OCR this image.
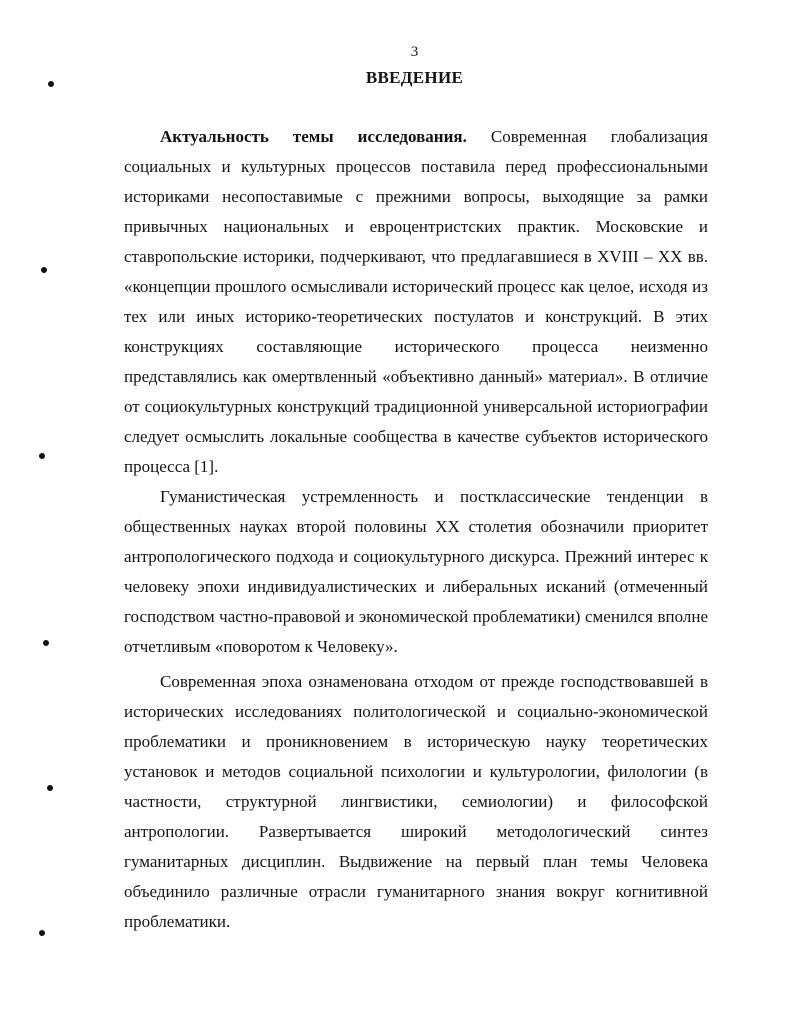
3
ВВЕДЕНИЕ

Актуальность темы исследования. Современная глобализация социальных и культурных процессов поставила перед профессиональными историками несопоставимые с прежними вопросы, выходящие за рамки привычных национальных и евроцентристских практик. Московские и ставропольские историки, подчеркивают, что предлагавшиеся в XVIII – XX вв. «концепции прошлого осмысливали исторический процесс как целое, исходя из тех или иных историко-теоретических постулатов и конструкций. В этих конструкциях составляющие исторического процесса неизменно представлялись как омертвленный «объективно данный» материал». В отличие от социокультурных конструкций традиционной универсальной историографии следует осмыслить локальные сообщества в качестве субъектов исторического процесса [1].

Гуманистическая устремленность и постклассические тенденции в общественных науках второй половины XX столетия обозначили приоритет антропологического подхода и социокультурного дискурса. Прежний интерес к человеку эпохи индивидуалистических и либеральных исканий (отмеченный господством частно-правовой и экономической проблематики) сменился вполне отчетливым «поворотом к Человеку».

Современная эпоха ознаменована отходом от прежде господствовавшей в исторических исследованиях политологической и социально-экономической проблематики и проникновением в историческую науку теоретических установок и методов социальной психологии и культурологии, филологии (в частности, структурной лингвистики, семиологии) и философской антропологии. Развертывается широкий методологический синтез гуманитарных дисциплин. Выдвижение на первый план темы Человека объединило различные отрасли гуманитарного знания вокруг когнитивной проблематики.
